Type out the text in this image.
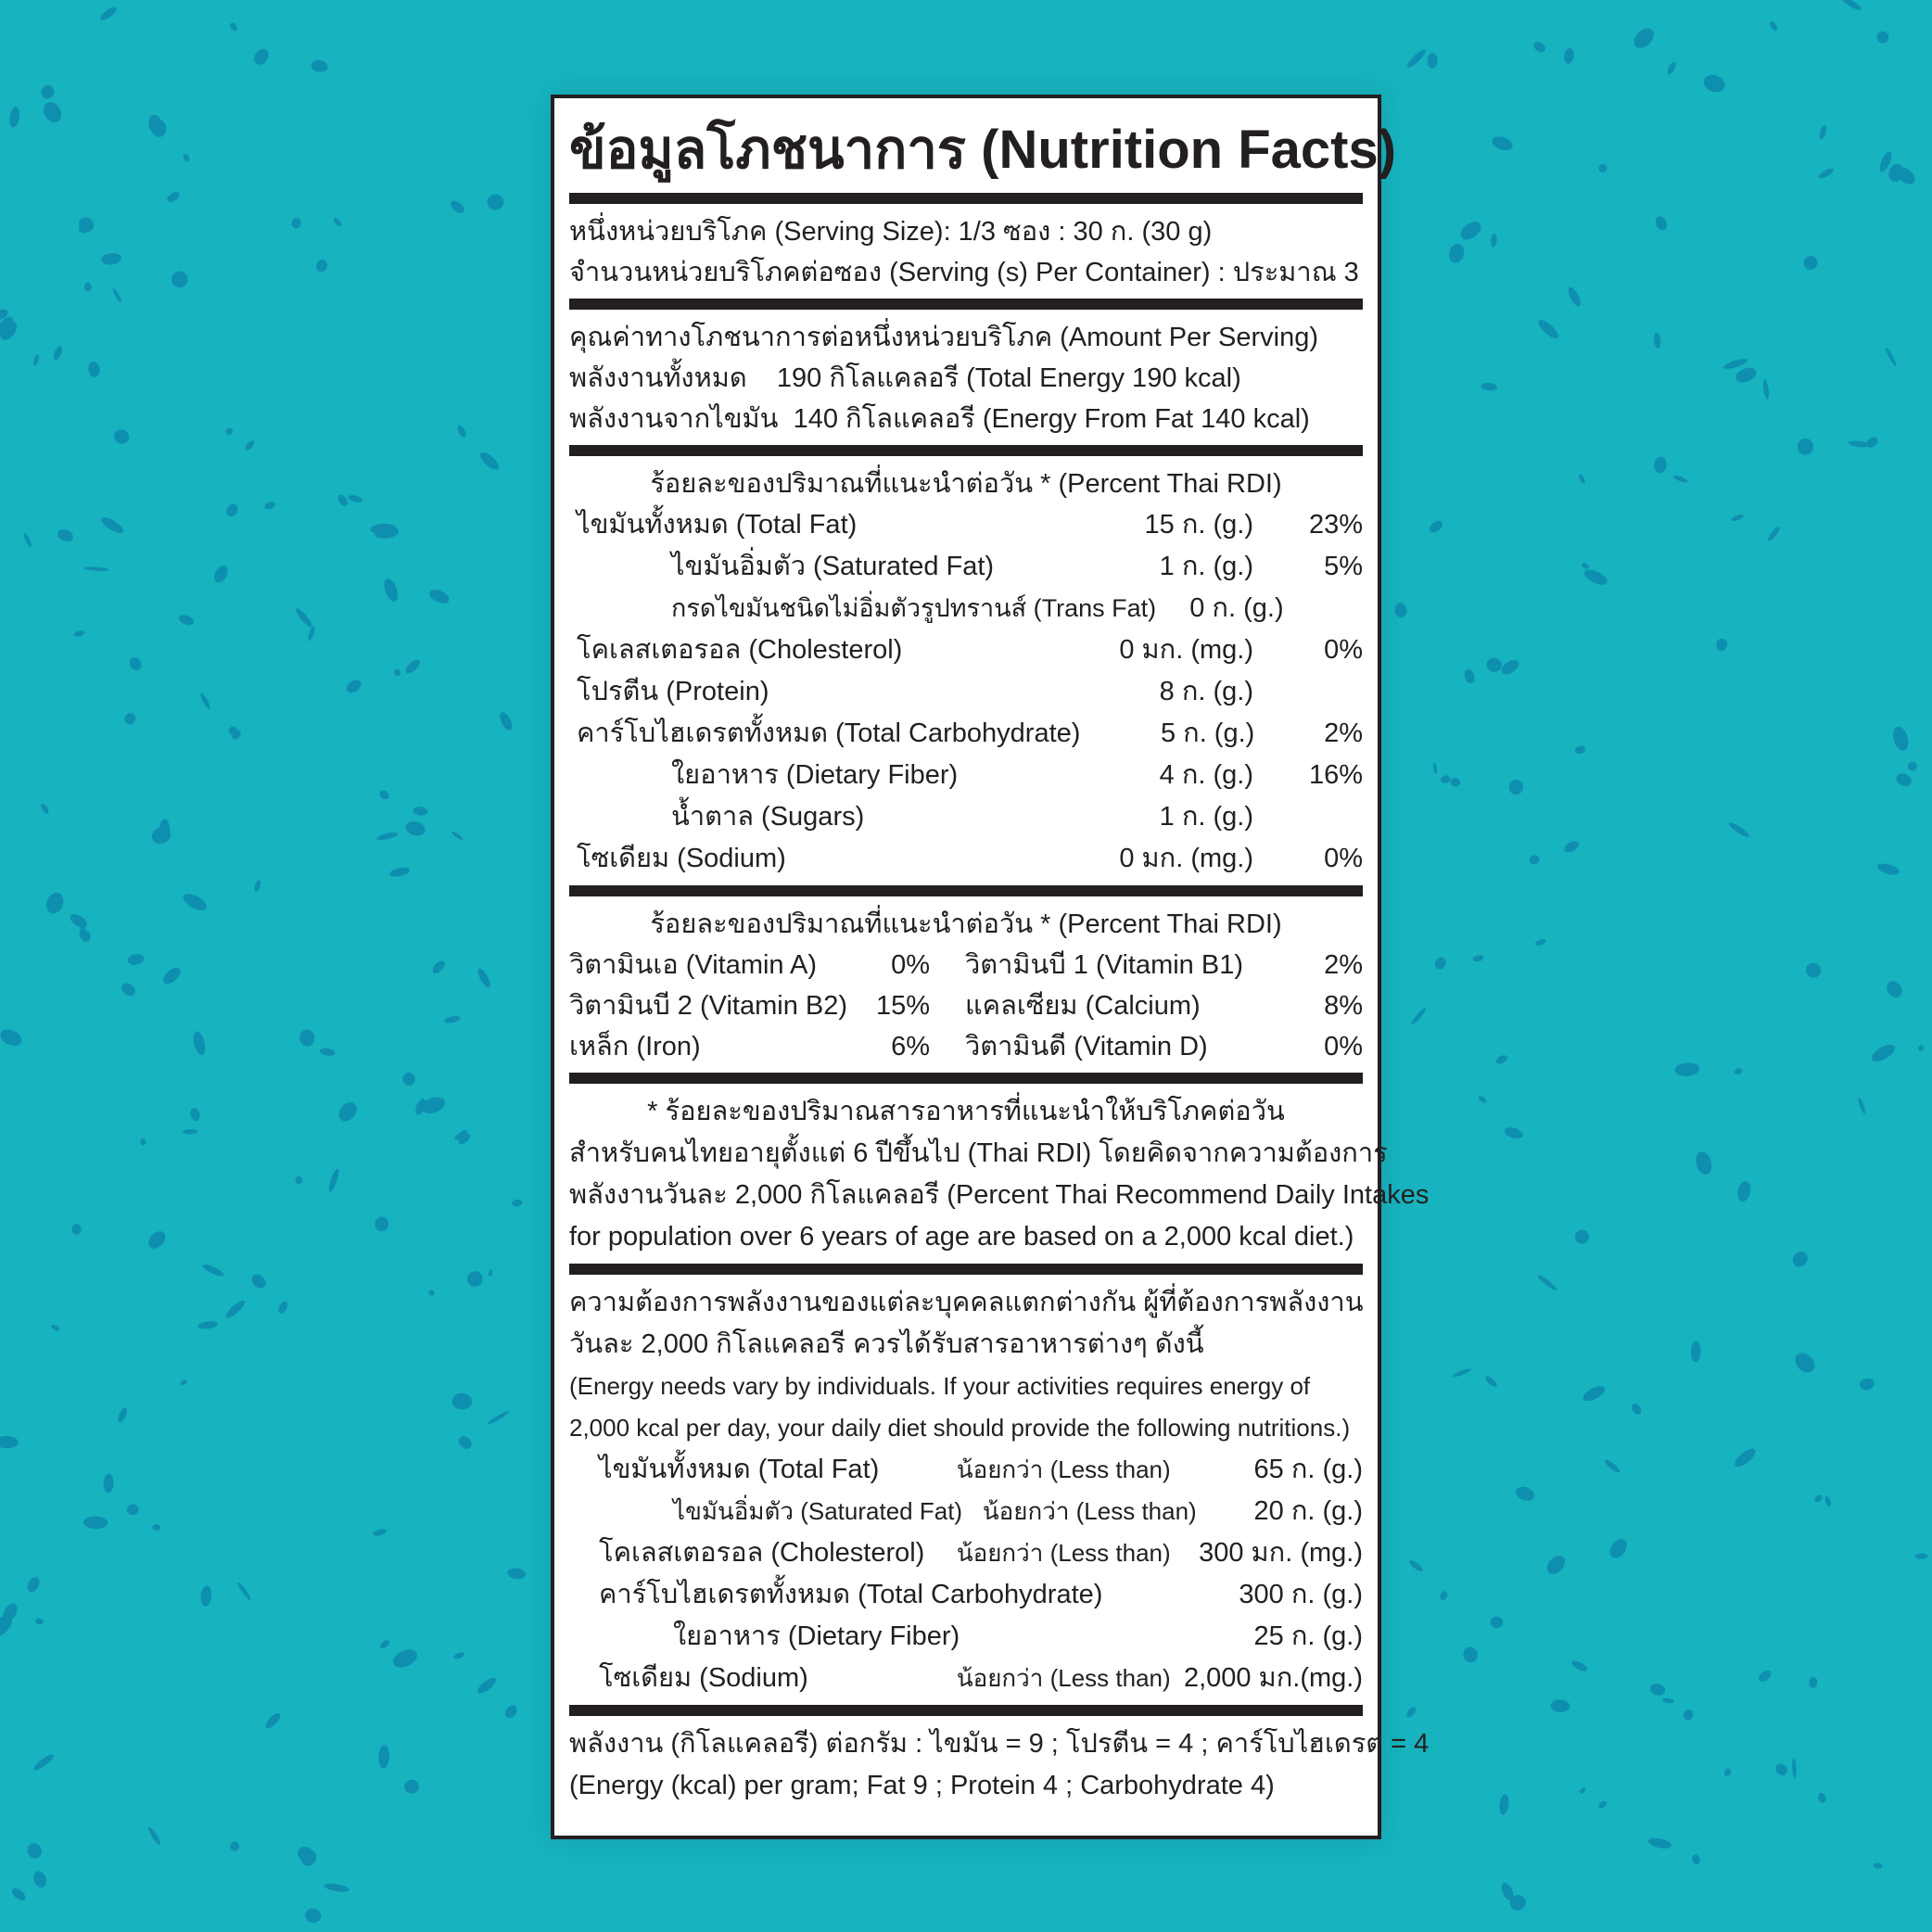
ข้อมูลโภชนาการ (Nutrition Facts)
หนึ่งหน่วยบริโภค (Serving Size): 1/3 ซอง : 30 ก. (30 g)
จำนวนหน่วยบริโภคต่อซอง (Serving (s) Per Container) : ประมาณ 3
คุณค่าทางโภชนาการต่อหนึ่งหน่วยบริโภค (Amount Per Serving)
พลังงานทั้งหมด    190 กิโลแคลอรี (Total Energy 190 kcal)
พลังงานจากไขมัน  140 กิโลแคลอรี (Energy From Fat 140 kcal)
ร้อยละของปริมาณที่แนะนำต่อวัน * (Percent Thai RDI)
ไขมันทั้งหมด (Total Fat)	15 ก. (g.)	23%
ไขมันอิ่มตัว (Saturated Fat)	1 ก. (g.)	5%
กรดไขมันชนิดไม่อิ่มตัวรูปทรานส์ (Trans Fat)	0 ก. (g.)
โคเลสเตอรอล (Cholesterol)	0 มก. (mg.)	0%
โปรตีน (Protein)	8 ก. (g.)
คาร์โบไฮเดรตทั้งหมด (Total Carbohydrate)	5 ก. (g.)	2%
ใยอาหาร (Dietary Fiber)	4 ก. (g.)	16%
น้ำตาล (Sugars)	1 ก. (g.)
โซเดียม (Sodium)	0 มก. (mg.)	0%
ร้อยละของปริมาณที่แนะนำต่อวัน * (Percent Thai RDI)
วิตามินเอ (Vitamin A)	0%	วิตามินบี 1 (Vitamin B1)	2%
วิตามินบี 2 (Vitamin B2)	15%	แคลเซียม (Calcium)	8%
เหล็ก (Iron)	6%	วิตามินดี (Vitamin D)	0%
* ร้อยละของปริมาณสารอาหารที่แนะนำให้บริโภคต่อวัน
สำหรับคนไทยอายุตั้งแต่ 6 ปีขึ้นไป (Thai RDI) โดยคิดจากความต้องการ
พลังงานวันละ 2,000 กิโลแคลอรี (Percent Thai Recommend Daily Intakes
for population over 6 years of age are based on a 2,000 kcal diet.)
ความต้องการพลังงานของแต่ละบุคคลแตกต่างกัน ผู้ที่ต้องการพลังงาน
วันละ 2,000 กิโลแคลอรี ควรได้รับสารอาหารต่างๆ ดังนี้
(Energy needs vary by individuals. If your activities requires energy of
2,000 kcal per day, your daily diet should provide the following nutritions.)
ไขมันทั้งหมด (Total Fat)	น้อยกว่า (Less than)	65 ก. (g.)
ไขมันอิ่มตัว (Saturated Fat) น้อยกว่า (Less than)	20 ก. (g.)
โคเลสเตอรอล (Cholesterol)	น้อยกว่า (Less than)	300 มก. (mg.)
คาร์โบไฮเดรตทั้งหมด (Total Carbohydrate)	300 ก. (g.)
ใยอาหาร (Dietary Fiber)	25 ก. (g.)
โซเดียม (Sodium)	น้อยกว่า (Less than) 2,000 มก.(mg.)
พลังงาน (กิโลแคลอรี) ต่อกรัม : ไขมัน = 9 ; โปรตีน = 4 ; คาร์โบไฮเดรต = 4
(Energy (kcal) per gram; Fat 9 ; Protein 4 ; Carbohydrate 4)
